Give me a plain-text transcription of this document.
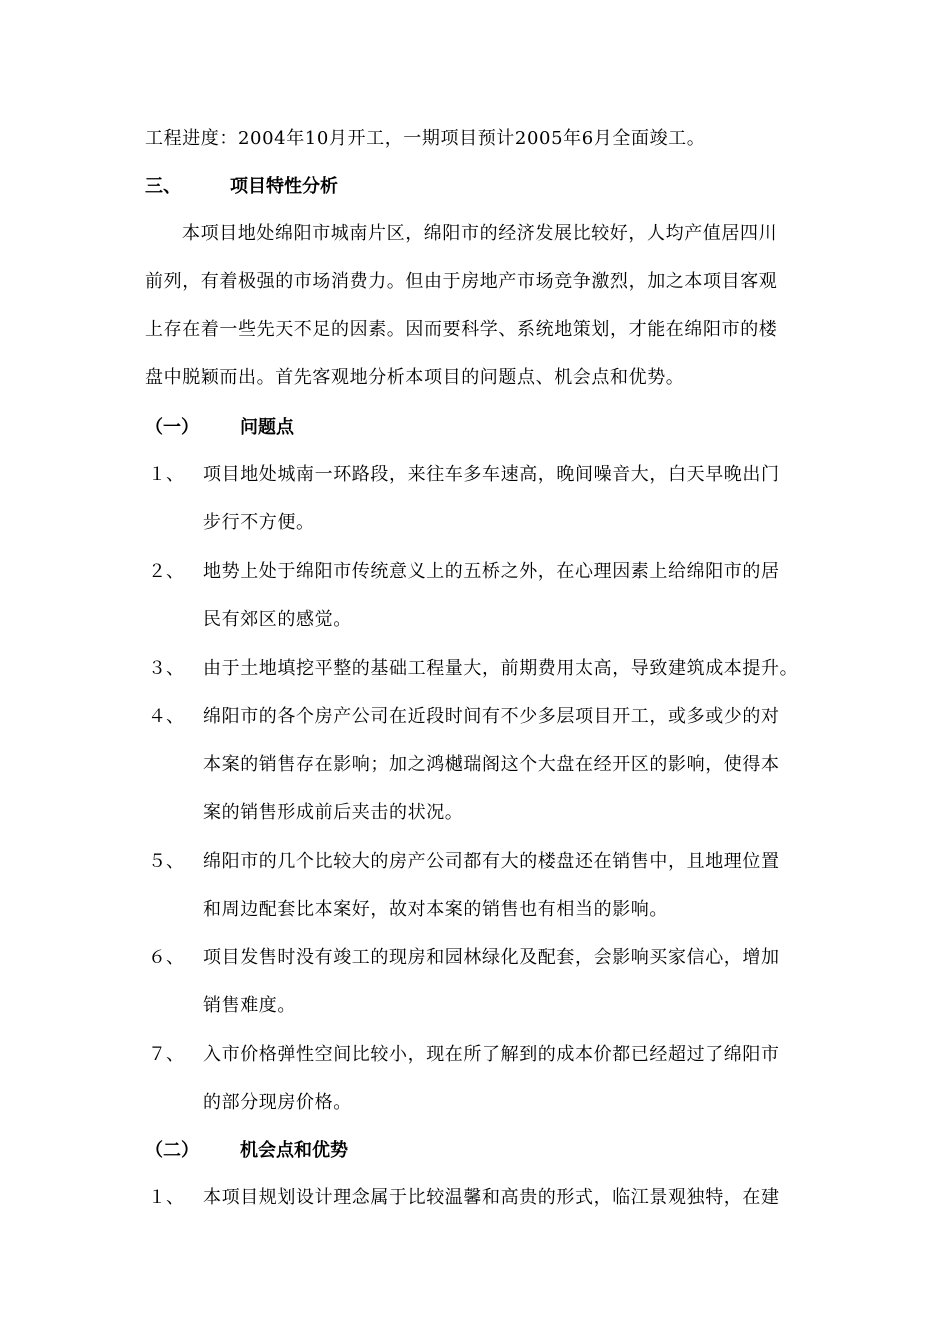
工程进度：2004年10月开工，一期项目预计2005年6月全面竣工。
三、	项目特性分析
本项目地处绵阳市城南片区，绵阳市的经济发展比较好，人均产值居四川
前列，有着极强的市场消费力。但由于房地产市场竞争激烈，加之本项目客观
上存在着一些先天不足的因素。因而要科学、系统地策划，才能在绵阳市的楼
盘中脱颖而出。首先客观地分析本项目的问题点、机会点和优势。
（一） 问题点
１、 项目地处城南一环路段，来往车多车速高，晚间噪音大，白天早晚出门
步行不方便。
２、 地势上处于绵阳市传统意义上的五桥之外，在心理因素上给绵阳市的居
民有郊区的感觉。
３、 由于土地填挖平整的基础工程量大，前期费用太高，导致建筑成本提升。
４、 绵阳市的各个房产公司在近段时间有不少多层项目开工，或多或少的对
本案的销售存在影响；加之鸿樾瑞阁这个大盘在经开区的影响，使得本
案的销售形成前后夹击的状况。
５、 绵阳市的几个比较大的房产公司都有大的楼盘还在销售中，且地理位置
和周边配套比本案好，故对本案的销售也有相当的影响。
６、 项目发售时没有竣工的现房和园林绿化及配套，会影响买家信心，增加
销售难度。
７、 入市价格弹性空间比较小，现在所了解到的成本价都已经超过了绵阳市
的部分现房价格。
（二） 机会点和优势
１、 本项目规划设计理念属于比较温馨和高贵的形式，临江景观独特，在建
